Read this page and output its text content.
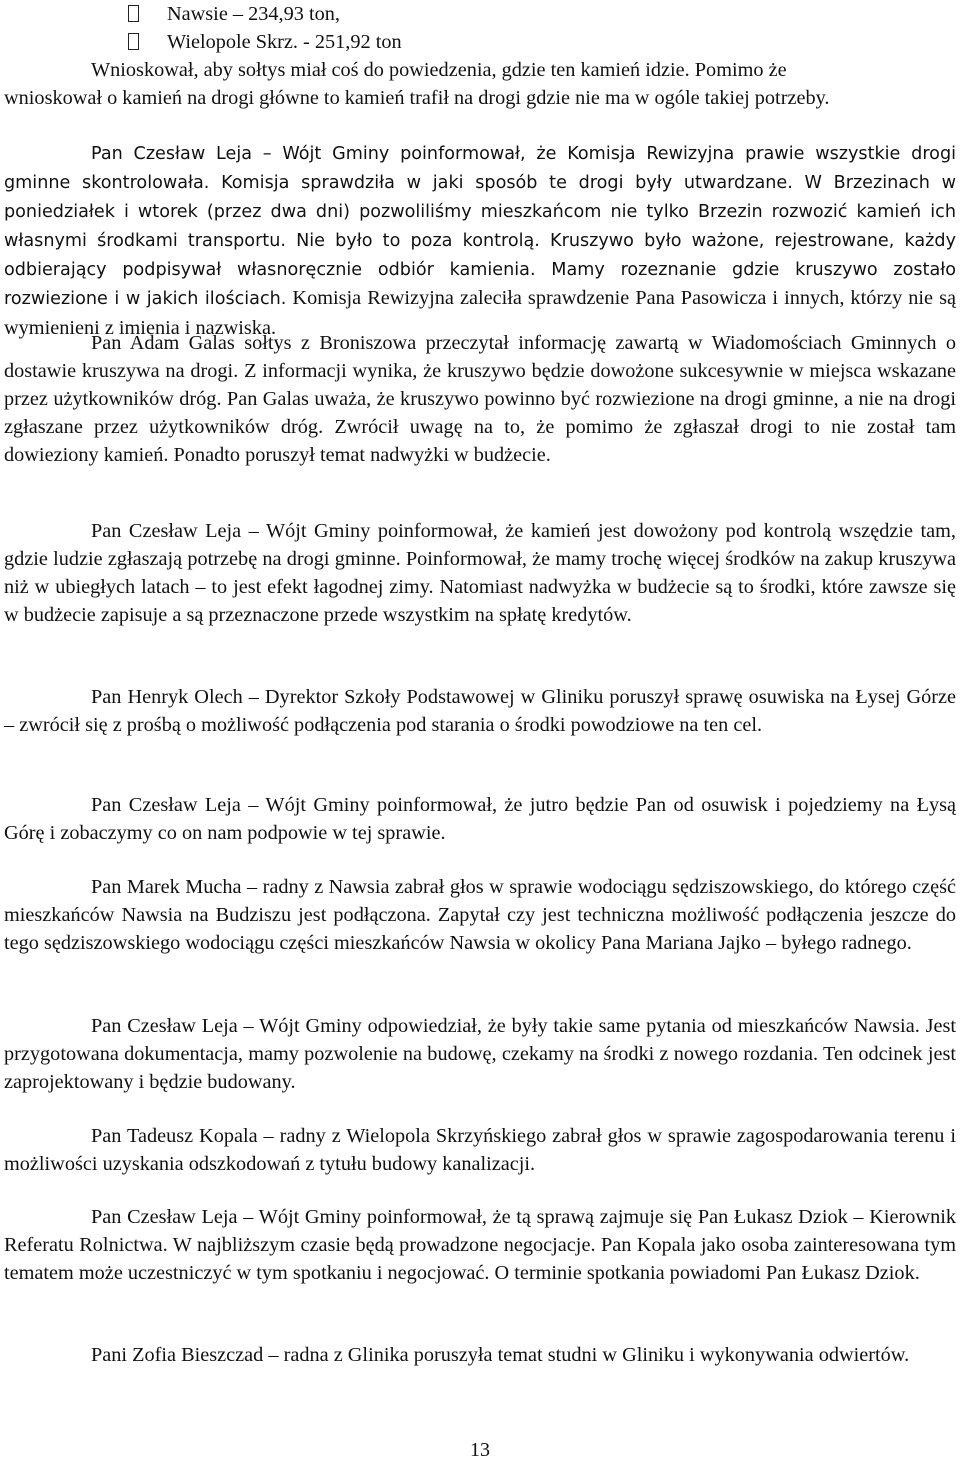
Nawsie – 234,93 ton,
Wielopole Skrz. - 251,92 ton
Wnioskował, aby sołtys miał coś do powiedzenia, gdzie ten kamień idzie. Pomimo że
wnioskował o kamień na drogi główne to kamień trafił na drogi gdzie nie ma w ogóle takiej potrzeby.

Pan Czesław Leja – Wójt Gminy poinformował, że Komisja Rewizyjna prawie wszystkie drogi gminne skontrolowała. Komisja sprawdziła w jaki sposób te drogi były utwardzane. W Brzezinach w poniedziałek i wtorek (przez dwa dni) pozwoliliśmy mieszkańcom nie tylko Brzezin rozwozić kamień ich własnymi środkami transportu. Nie było to poza kontrolą. Kruszywo było ważone, rejestrowane, każdy odbierający podpisywał własnoręcznie odbiór kamienia. Mamy rozeznanie gdzie kruszywo zostało rozwiezione i w jakich ilościach. Komisja Rewizyjna zaleciła sprawdzenie Pana Pasowicza i innych, którzy nie są wymienieni z imienia i nazwiska.

Pan Adam Galas sołtys z Broniszowa przeczytał informację zawartą w Wiadomościach Gminnych o dostawie kruszywa na drogi. Z informacji wynika, że kruszywo będzie dowożone sukcesywnie w miejsca wskazane przez użytkowników dróg. Pan Galas uważa, że kruszywo powinno być rozwiezione na drogi gminne, a nie na drogi zgłaszane przez użytkowników dróg. Zwrócił uwagę na to, że pomimo że zgłaszał drogi to nie został tam dowieziony kamień. Ponadto poruszył temat nadwyżki w budżecie.

Pan Czesław Leja – Wójt Gminy poinformował, że kamień jest dowożony pod kontrolą wszędzie tam, gdzie ludzie zgłaszają potrzebę na drogi gminne. Poinformował, że mamy trochę więcej środków na zakup kruszywa niż w ubiegłych latach – to jest efekt łagodnej zimy. Natomiast nadwyżka w budżecie są to środki, które zawsze się w budżecie zapisuje a są przeznaczone przede wszystkim na spłatę kredytów.

Pan Henryk Olech – Dyrektor Szkoły Podstawowej w Gliniku poruszył sprawę osuwiska na Łysej Górze – zwrócił się z prośbą o możliwość podłączenia pod starania o środki powodziowe na ten cel.

Pan Czesław Leja – Wójt Gminy poinformował, że jutro będzie Pan od osuwisk i pojedziemy na Łysą Górę i zobaczymy co on nam podpowie w tej sprawie.

Pan Marek Mucha – radny z Nawsia zabrał głos w sprawie wodociągu sędziszowskiego, do którego część mieszkańców Nawsia na Budziszu jest podłączona. Zapytał czy jest techniczna możliwość podłączenia jeszcze do tego sędziszowskiego wodociągu części mieszkańców Nawsia w okolicy Pana Mariana Jajko – byłego radnego.

Pan Czesław Leja – Wójt Gminy odpowiedział, że były takie same pytania od mieszkańców Nawsia. Jest przygotowana dokumentacja, mamy pozwolenie na budowę, czekamy na środki z nowego rozdania. Ten odcinek jest zaprojektowany i będzie budowany.

Pan Tadeusz Kopala – radny z Wielopola Skrzyńskiego zabrał głos w sprawie zagospodarowania terenu i możliwości uzyskania odszkodowań z tytułu budowy kanalizacji.

Pan Czesław Leja – Wójt Gminy poinformował, że tą sprawą zajmuje się Pan Łukasz Dziok – Kierownik Referatu Rolnictwa. W najbliższym czasie będą prowadzone negocjacje. Pan Kopala jako osoba zainteresowana tym tematem może uczestniczyć w tym spotkaniu i negocjować. O terminie spotkania powiadomi Pan Łukasz Dziok.

Pani Zofia Bieszczad – radna z Glinika poruszyła temat studni w Gliniku i wykonywania odwiertów.

13
